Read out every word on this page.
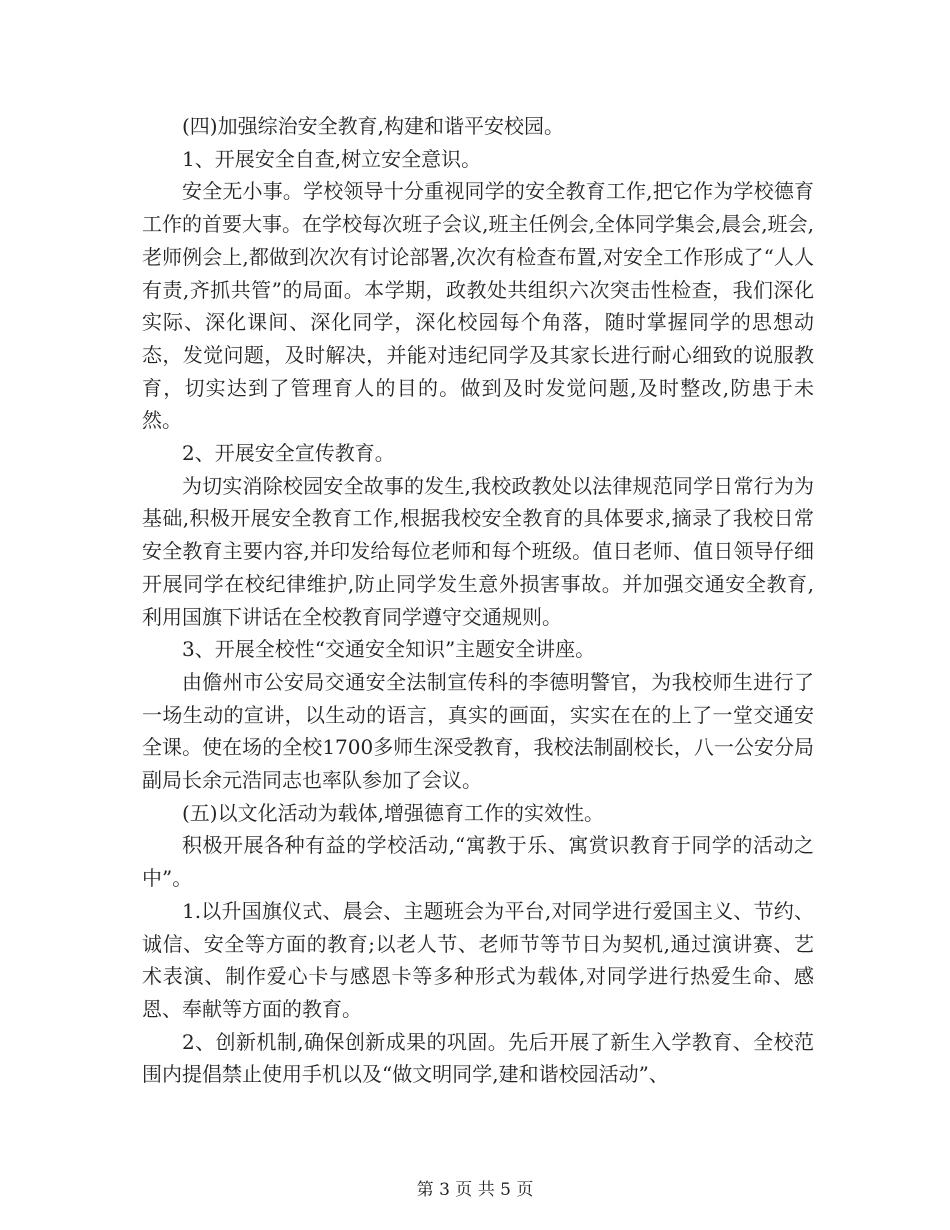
(四)加强综治安全教育,构建和谐平安校园。

1、开展安全自查,树立安全意识。

安全无小事。学校领导十分重视同学的安全教育工作,把它作为学校德育工作的首要大事。在学校每次班子会议,班主任例会,全体同学集会,晨会,班会,老师例会上,都做到次次有讨论部署,次次有检查布置,对安全工作形成了“人人有责,齐抓共管”的局面。本学期，政教处共组织六次突击性检查，我们深化实际、深化课间、深化同学，深化校园每个角落，随时掌握同学的思想动态，发觉问题，及时解决，并能对违纪同学及其家长进行耐心细致的说服教育，切实达到了管理育人的目的。做到及时发觉问题,及时整改,防患于未然。

2、开展安全宣传教育。

为切实消除校园安全故事的发生,我校政教处以法律规范同学日常行为为基础,积极开展安全教育工作,根据我校安全教育的具体要求,摘录了我校日常安全教育主要内容,并印发给每位老师和每个班级。值日老师、值日领导仔细开展同学在校纪律维护,防止同学发生意外损害事故。并加强交通安全教育,利用国旗下讲话在全校教育同学遵守交通规则。

3、开展全校性“交通安全知识”主题安全讲座。

由儋州市公安局交通安全法制宣传科的李德明警官，为我校师生进行了一场生动的宣讲，以生动的语言，真实的画面，实实在在的上了一堂交通安全课。使在场的全校1700多师生深受教育，我校法制副校长，八一公安分局副局长余元浩同志也率队参加了会议。

(五)以文化活动为载体,增强德育工作的实效性。

积极开展各种有益的学校活动,“寓教于乐、寓赏识教育于同学的活动之中”。

1.以升国旗仪式、晨会、主题班会为平台,对同学进行爱国主义、节约、诚信、安全等方面的教育;以老人节、老师节等节日为契机,通过演讲赛、艺术表演、制作爱心卡与感恩卡等多种形式为载体,对同学进行热爱生命、感恩、奉献等方面的教育。

2、创新机制,确保创新成果的巩固。先后开展了新生入学教育、全校范围内提倡禁止使用手机以及“做文明同学,建和谐校园活动”、

第 3 页 共 5 页
